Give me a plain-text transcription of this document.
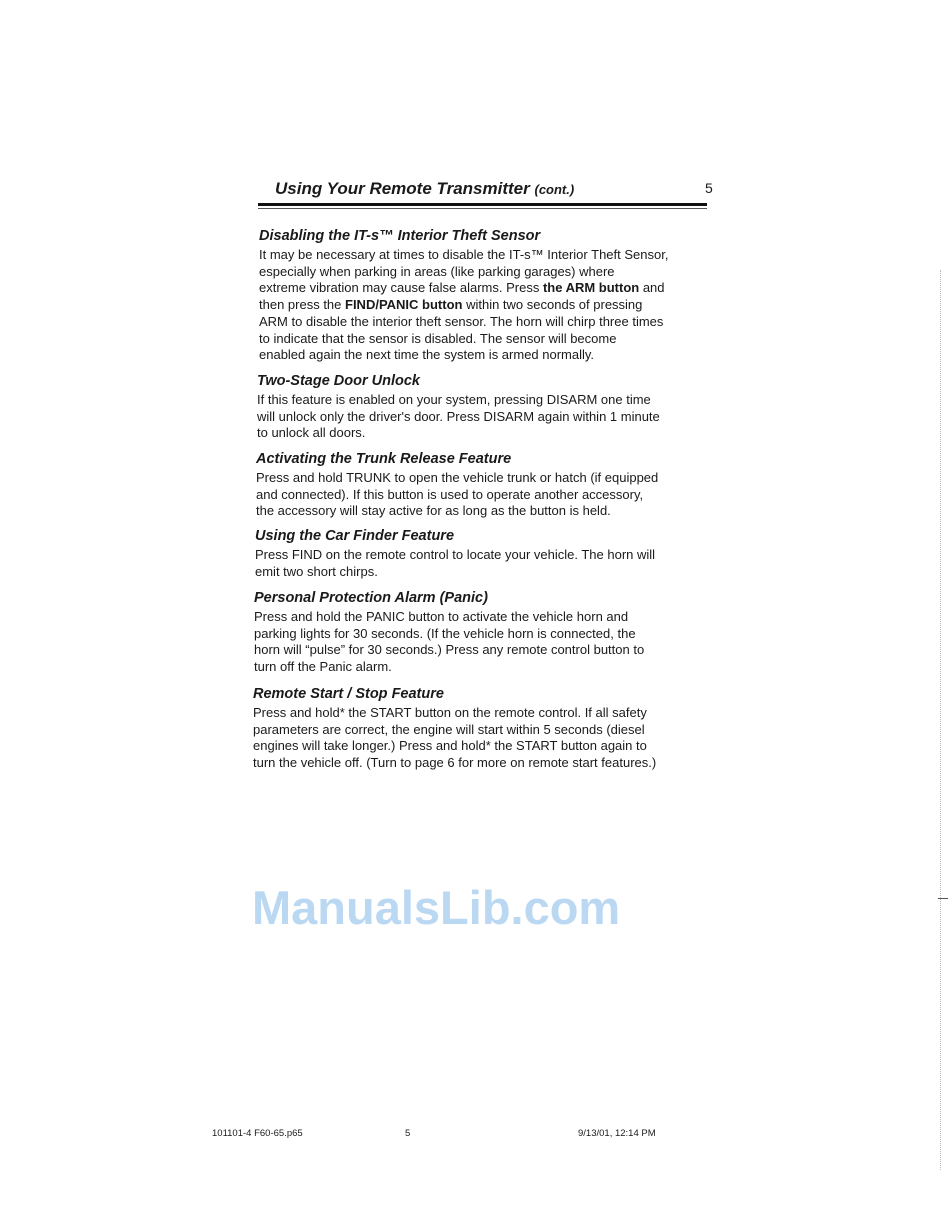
Using Your Remote Transmitter (cont.)	5
Disabling the IT-s™ Interior Theft Sensor
It may be necessary at times to disable the IT-s™ Interior Theft Sensor,
especially when parking in areas (like parking garages) where
extreme vibration may cause false alarms. Press the ARM button and
then press the FIND/PANIC button within two seconds of pressing
ARM to disable the interior theft sensor. The horn will chirp three times
to indicate that the sensor is disabled. The sensor will become
enabled again the next time the system is armed normally.
Two-Stage Door Unlock
If this feature is enabled on your system, pressing DISARM one time
will unlock only the driver's door. Press DISARM again within 1 minute
to unlock all doors.
Activating the Trunk Release Feature
Press and hold TRUNK to open the vehicle trunk or hatch (if equipped
and connected). If this button is used to operate another accessory,
the accessory will stay active for as long as the button is held.
Using the Car Finder Feature
Press FIND on the remote control to locate your vehicle. The horn will
emit two short chirps.
Personal Protection Alarm (Panic)
Press and hold the PANIC button to activate the vehicle horn and
parking lights for 30 seconds. (If the vehicle horn is connected, the
horn will “pulse” for 30 seconds.) Press any remote control button to
turn off the Panic alarm.
Remote Start / Stop Feature
Press and hold* the START button on the remote control. If all safety
parameters are correct, the engine will start within 5 seconds (diesel
engines will take longer.) Press and hold* the START button again to
turn the vehicle off. (Turn to page 6 for more on remote start features.)
ManualsLib.com
101101-4 F60-65.p65	5	9/13/01, 12:14 PM
